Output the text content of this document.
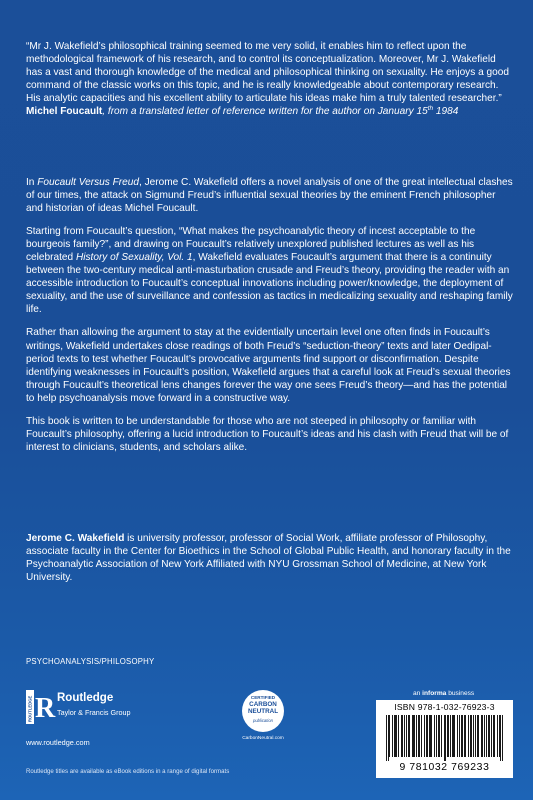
“Mr J. Wakefield’s philosophical training seemed to me very solid, it enables him to reflect upon the methodological framework of his research, and to control its conceptualization. Moreover, Mr J. Wakefield has a vast and thorough knowledge of the medical and philosophical thinking on sexuality. He enjoys a good command of the classic works on this topic, and he is really knowledgeable about contemporary research. His analytic capacities and his excellent ability to articulate his ideas make him a truly talented researcher.”
Michel Foucault, from a translated letter of reference written for the author on January 15th 1984

In Foucault Versus Freud, Jerome C. Wakefield offers a novel analysis of one of the great intellectual clashes of our times, the attack on Sigmund Freud’s influential sexual theories by the eminent French philosopher and historian of ideas Michel Foucault.

Starting from Foucault’s question, “What makes the psychoanalytic theory of incest acceptable to the bourgeois family?”, and drawing on Foucault’s relatively unexplored published lectures as well as his celebrated History of Sexuality, Vol. 1, Wakefield evaluates Foucault’s argument that there is a continuity between the two-century medical anti-masturbation crusade and Freud’s theory, providing the reader with an accessible introduction to Foucault’s conceptual innovations including power/knowledge, the deployment of sexuality, and the use of surveillance and confession as tactics in medicalizing sexuality and reshaping family life.

Rather than allowing the argument to stay at the evidentially uncertain level one often finds in Foucault’s writings, Wakefield undertakes close readings of both Freud’s “seduction-theory” texts and later Oedipal-period texts to test whether Foucault’s provocative arguments find support or disconfirmation. Despite identifying weaknesses in Foucault’s position, Wakefield argues that a careful look at Freud’s sexual theories through Foucault’s theoretical lens changes forever the way one sees Freud’s theory—and has the potential to help psychoanalysis move forward in a constructive way.

This book is written to be understandable for those who are not steeped in philosophy or familiar with Foucault’s philosophy, offering a lucid introduction to Foucault’s ideas and his clash with Freud that will be of interest to clinicians, students, and scholars alike.

Jerome C. Wakefield is university professor, professor of Social Work, affiliate professor of Philosophy, associate faculty in the Center for Bioethics in the School of Global Public Health, and honorary faculty in the Psychoanalytic Association of New York Affiliated with NYU Grossman School of Medicine, at New York University.
PSYCHOANALYSIS/PHILOSOPHY
ROUTLEDGE R Routledge
Taylor & Francis Group
www.routledge.com
Routledge titles are available as eBook editions in a range of digital formats
CERTIFIED
CARBON
NEUTRAL
publication
CarbonNeutral.com
an informa business
ISBN 978-1-032-76923-3
9 781032 769233
